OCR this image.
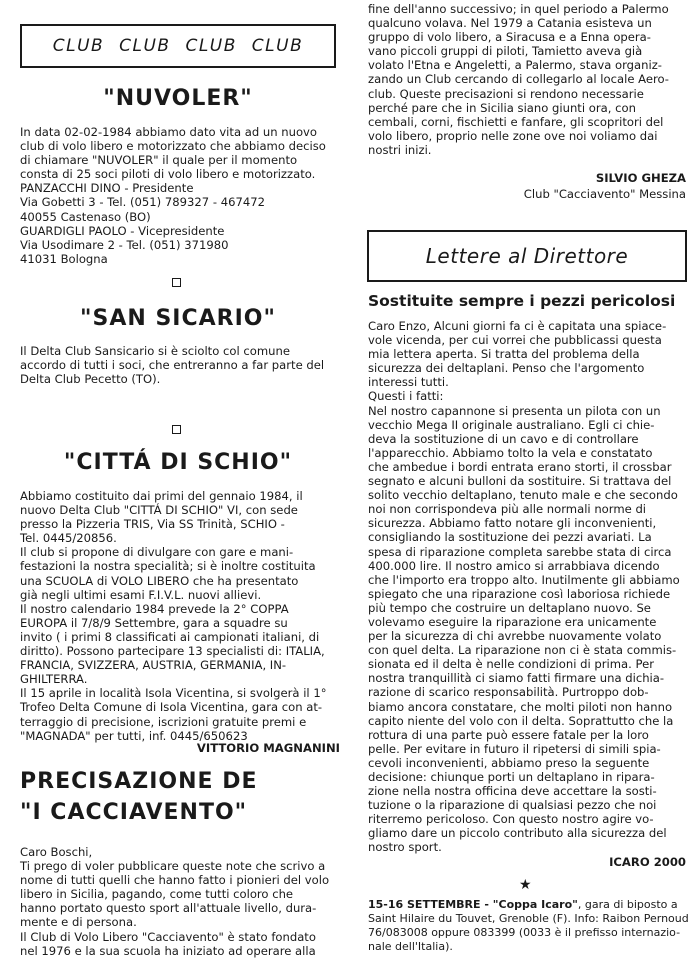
CLUB CLUB CLUB CLUB
"NUVOLER"
In data 02-02-1984 abbiamo dato vita ad un nuovo
club di volo libero e motorizzato che abbiamo deciso
di chiamare "NUVOLER" il quale per il momento
consta di 25 soci piloti di volo libero e motorizzato.
PANZACCHI DINO - Presidente
Via Gobetti 3 - Tel. (051) 789327 - 467472
40055 Castenaso (BO)
GUARDIGLI PAOLO - Vicepresidente
Via Usodimare 2 - Tel. (051) 371980
41031 Bologna
"SAN SICARIO"
Il Delta Club Sansicario si è sciolto col comune
accordo di tutti i soci, che entreranno a far parte del
Delta Club Pecetto (TO).
"CITTÁ DI SCHIO"
Abbiamo costituito dai primi del gennaio 1984, il
nuovo Delta Club "CITTÁ DI SCHIO" VI, con sede
presso la Pizzeria TRIS, Via SS Trinità, SCHIO -
Tel. 0445/20856.
Il club si propone di divulgare con gare e mani-
festazioni la nostra specialità; si è inoltre costituita
una SCUOLA di VOLO LIBERO che ha presentato
già negli ultimi esami F.I.V.L. nuovi allievi.
Il nostro calendario 1984 prevede la 2° COPPA
EUROPA il 7/8/9 Settembre, gara a squadre su
invito ( i primi 8 classificati ai campionati italiani, di
diritto). Possono partecipare 13 specialisti di: ITALIA,
FRANCIA, SVIZZERA, AUSTRIA, GERMANIA, IN-
GHILTERRA.
Il 15 aprile in località Isola Vicentina, si svolgerà il 1°
Trofeo Delta Comune di Isola Vicentina, gara con at-
terraggio di precisione, iscrizioni gratuite premi e
"MAGNADA" per tutti, inf. 0445/650623
VITTORIO MAGNANINI
PRECISAZIONE DE
"I CACCIAVENTO"
Caro Boschi,
Ti prego di voler pubblicare queste note che scrivo a
nome di tutti quelli che hanno fatto i pionieri del volo
libero in Sicilia, pagando, come tutti coloro che
hanno portato questo sport all'attuale livello, dura-
mente e di persona.
Il Club di Volo Libero "Cacciavento" è stato fondato
nel 1976 e la sua scuola ha iniziato ad operare alla
fine dell'anno successivo; in quel periodo a Palermo
qualcuno volava. Nel 1979 a Catania esisteva un
gruppo di volo libero, a Siracusa e a Enna opera-
vano piccoli gruppi di piloti, Tamietto aveva già
volato l'Etna e Angeletti, a Palermo, stava organiz-
zando un Club cercando di collegarlo al locale Aero-
club. Queste precisazioni si rendono necessarie
perché pare che in Sicilia siano giunti ora, con
cembali, corni, fischietti e fanfare, gli scopritori del
volo libero, proprio nelle zone ove noi voliamo dai
nostri inizi.
SILVIO GHEZA
Club "Cacciavento" Messina
Lettere al Direttore
Sostituite sempre i pezzi pericolosi
Caro Enzo, Alcuni giorni fa ci è capitata una spiace-
vole vicenda, per cui vorrei che pubblicassi questa
mia lettera aperta. Si tratta del problema della
sicurezza dei deltaplani. Penso che l'argomento
interessi tutti.
Questi i fatti:
Nel nostro capannone si presenta un pilota con un
vecchio Mega II originale australiano. Egli ci chie-
deva la sostituzione di un cavo e di controllare
l'apparecchio. Abbiamo tolto la vela e constatato
che ambedue i bordi entrata erano storti, il crossbar
segnato e alcuni bulloni da sostituire. Si trattava del
solito vecchio deltaplano, tenuto male e che secondo
noi non corrispondeva più alle normali norme di
sicurezza. Abbiamo fatto notare gli inconvenienti,
consigliando la sostituzione dei pezzi avariati. La
spesa di riparazione completa sarebbe stata di circa
400.000 lire. Il nostro amico si arrabbiava dicendo
che l'importo era troppo alto. Inutilmente gli abbiamo
spiegato che una riparazione così laboriosa richiede
più tempo che costruire un deltaplano nuovo. Se
volevamo eseguire la riparazione era unicamente
per la sicurezza di chi avrebbe nuovamente volato
con quel delta. La riparazione non ci è stata commis-
sionata ed il delta è nelle condizioni di prima. Per
nostra tranquillità ci siamo fatti firmare una dichia-
razione di scarico responsabilità. Purtroppo dob-
biamo ancora constatare, che molti piloti non hanno
capito niente del volo con il delta. Soprattutto che la
rottura di una parte può essere fatale per la loro
pelle. Per evitare in futuro il ripetersi di simili spia-
cevoli inconvenienti, abbiamo preso la seguente
decisione: chiunque porti un deltaplano in ripara-
zione nella nostra officina deve accettare la sosti-
tuzione o la riparazione di qualsiasi pezzo che noi
riterremo pericoloso. Con questo nostro agire vo-
gliamo dare un piccolo contributo alla sicurezza del
nostro sport.
ICARO 2000
★
15-16 SETTEMBRE - "Coppa Icaro", gara di biposto a
Saint Hilaire du Touvet, Grenoble (F). Info: Raibon Pernoud
76/083008 oppure 083399 (0033 è il prefisso internazio-
nale dell'Italia).
